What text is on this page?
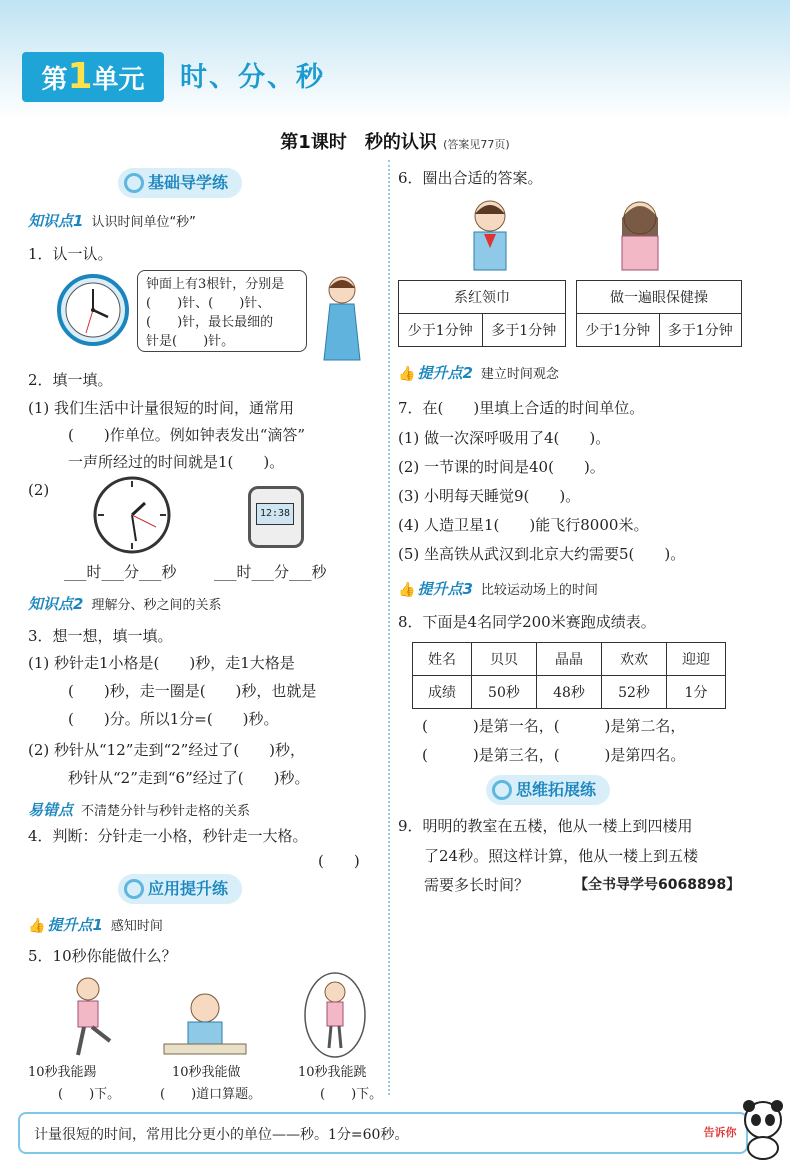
第1单元	时、分、秒
第1课时　秒的认识 (答案见77页)
基础导学练
知识点1 认识时间单位“秒”
1．认一认。
钟面上有3根针，分别是
(　　)针、(　　)针、
(　　)针，最长最细的
针是(　　)针。
2．填一填。
(1) 我们生活中计量很短的时间，通常用
(　　)作单位。例如钟表发出“滴答”
一声所经过的时间就是1(　　)。
(2)
12:38
___时___分___秒 ___时___分___秒
知识点2 理解分、秒之间的关系
3．想一想，填一填。
(1) 秒针走1小格是(　　)秒，走1大格是
(　　)秒，走一圈是(　　)秒，也就是
(　　)分。所以1分=(　　)秒。
(2) 秒针从“12”走到“2”经过了(　　)秒，
秒针从“2”走到“6”经过了(　　)秒。
易错点 不清楚分针与秒针走格的关系
4．判断：分针走一小格，秒针走一大格。
(　　)
应用提升练
👍 提升点1 感知时间
5．10秒你能做什么？
10秒我能踢
(　　)下。
10秒我能做
(　　)道口算题。
10秒我能跳
(　　)下。
6．圈出合适的答案。
系红领巾
少于1分钟	多于1分钟
做一遍眼保健操
少于1分钟	多于1分钟
👍 提升点2 建立时间观念
7．在(　　)里填上合适的时间单位。
(1) 做一次深呼吸用了4(　　)。
(2) 一节课的时间是40(　　)。
(3) 小明每天睡觉9(　　)。
(4) 人造卫星1(　　)能飞行8000米。
(5) 坐高铁从武汉到北京大约需要5(　　)。
👍 提升点3 比较运动场上的时间
8．下面是4名同学200米赛跑成绩表。
姓名	贝贝	晶晶	欢欢	迎迎
成绩	50秒	48秒	52秒	1分
(　　　)是第一名，(　　　)是第二名，
(　　　)是第三名，(　　　)是第四名。
思维拓展练
9．明明的教室在五楼，他从一楼上到四楼用
了24秒。照这样计算，他从一楼上到五楼
需要多长时间？	【全书导学号6068898】
计量很短的时间，常用比分更小的单位——秒。1分=60秒。	告诉你
